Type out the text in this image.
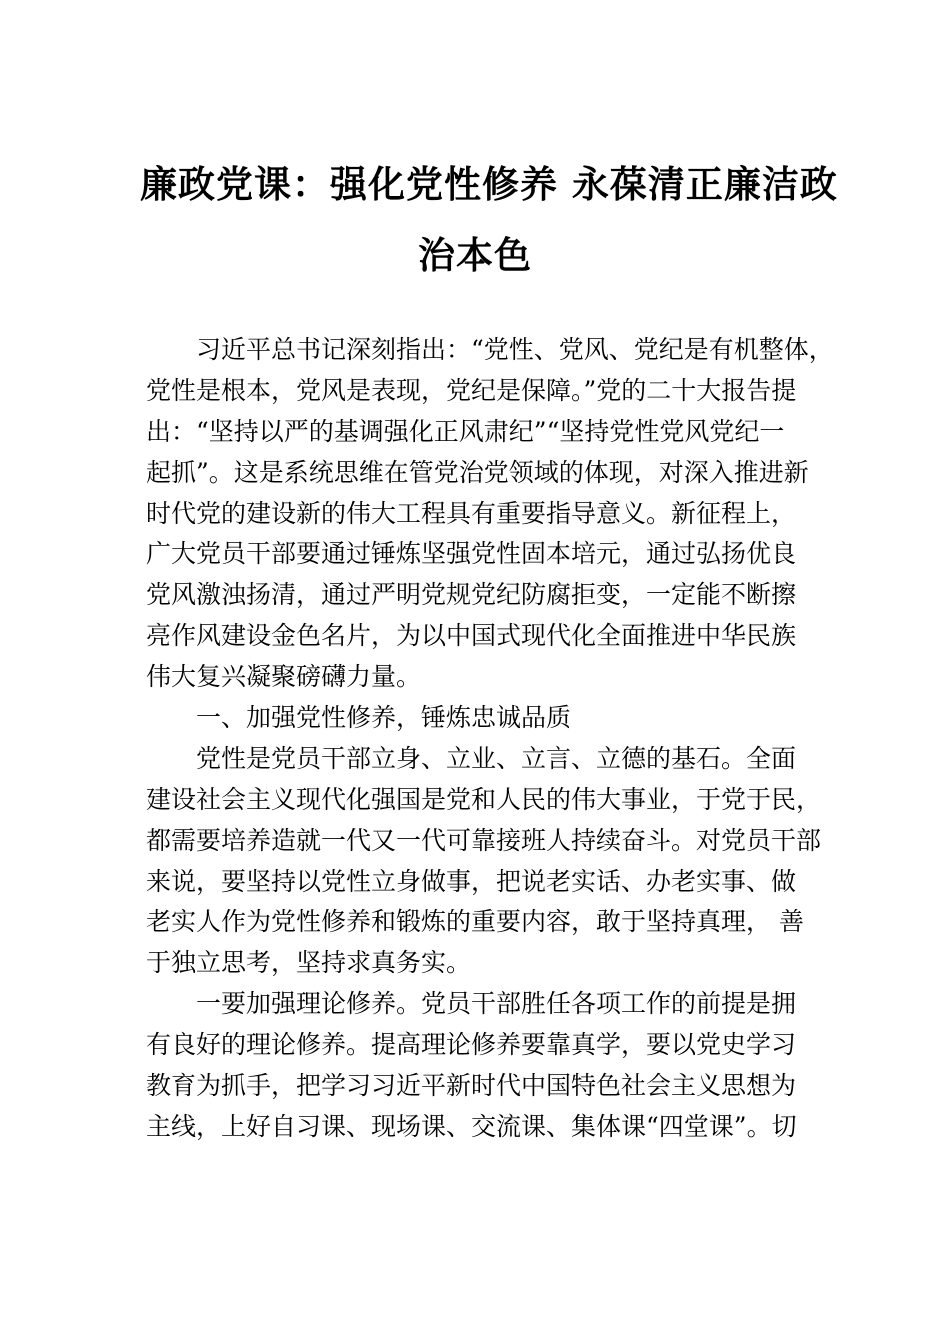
廉政党课：强化党性修养 永葆清正廉洁政
治本色
习近平总书记深刻指出：“党性、党风、党纪是有机整体，
党性是根本，党风是表现，党纪是保障。”党的二十大报告提
出：“坚持以严的基调强化正风肃纪”“坚持党性党风党纪一
起抓”。这是系统思维在管党治党领域的体现，对深入推进新
时代党的建设新的伟大工程具有重要指导意义。新征程上，
广大党员干部要通过锤炼坚强党性固本培元，通过弘扬优良
党风激浊扬清，通过严明党规党纪防腐拒变，一定能不断擦
亮作风建设金色名片，为以中国式现代化全面推进中华民族
伟大复兴凝聚磅礴力量。
一、加强党性修养，锤炼忠诚品质
党性是党员干部立身、立业、立言、立德的基石。全面
建设社会主义现代化强国是党和人民的伟大事业，于党于民，
都需要培养造就一代又一代可靠接班人持续奋斗。对党员干部
来说，要坚持以党性立身做事，把说老实话、办老实事、做
老实人作为党性修养和锻炼的重要内容，敢于坚持真理， 善
于独立思考，坚持求真务实。
一要加强理论修养。党员干部胜任各项工作的前提是拥
有良好的理论修养。提高理论修养要靠真学，要以党史学习
教育为抓手，把学习习近平新时代中国特色社会主义思想为
主线，上好自习课、现场课、交流课、集体课“四堂课”。切
